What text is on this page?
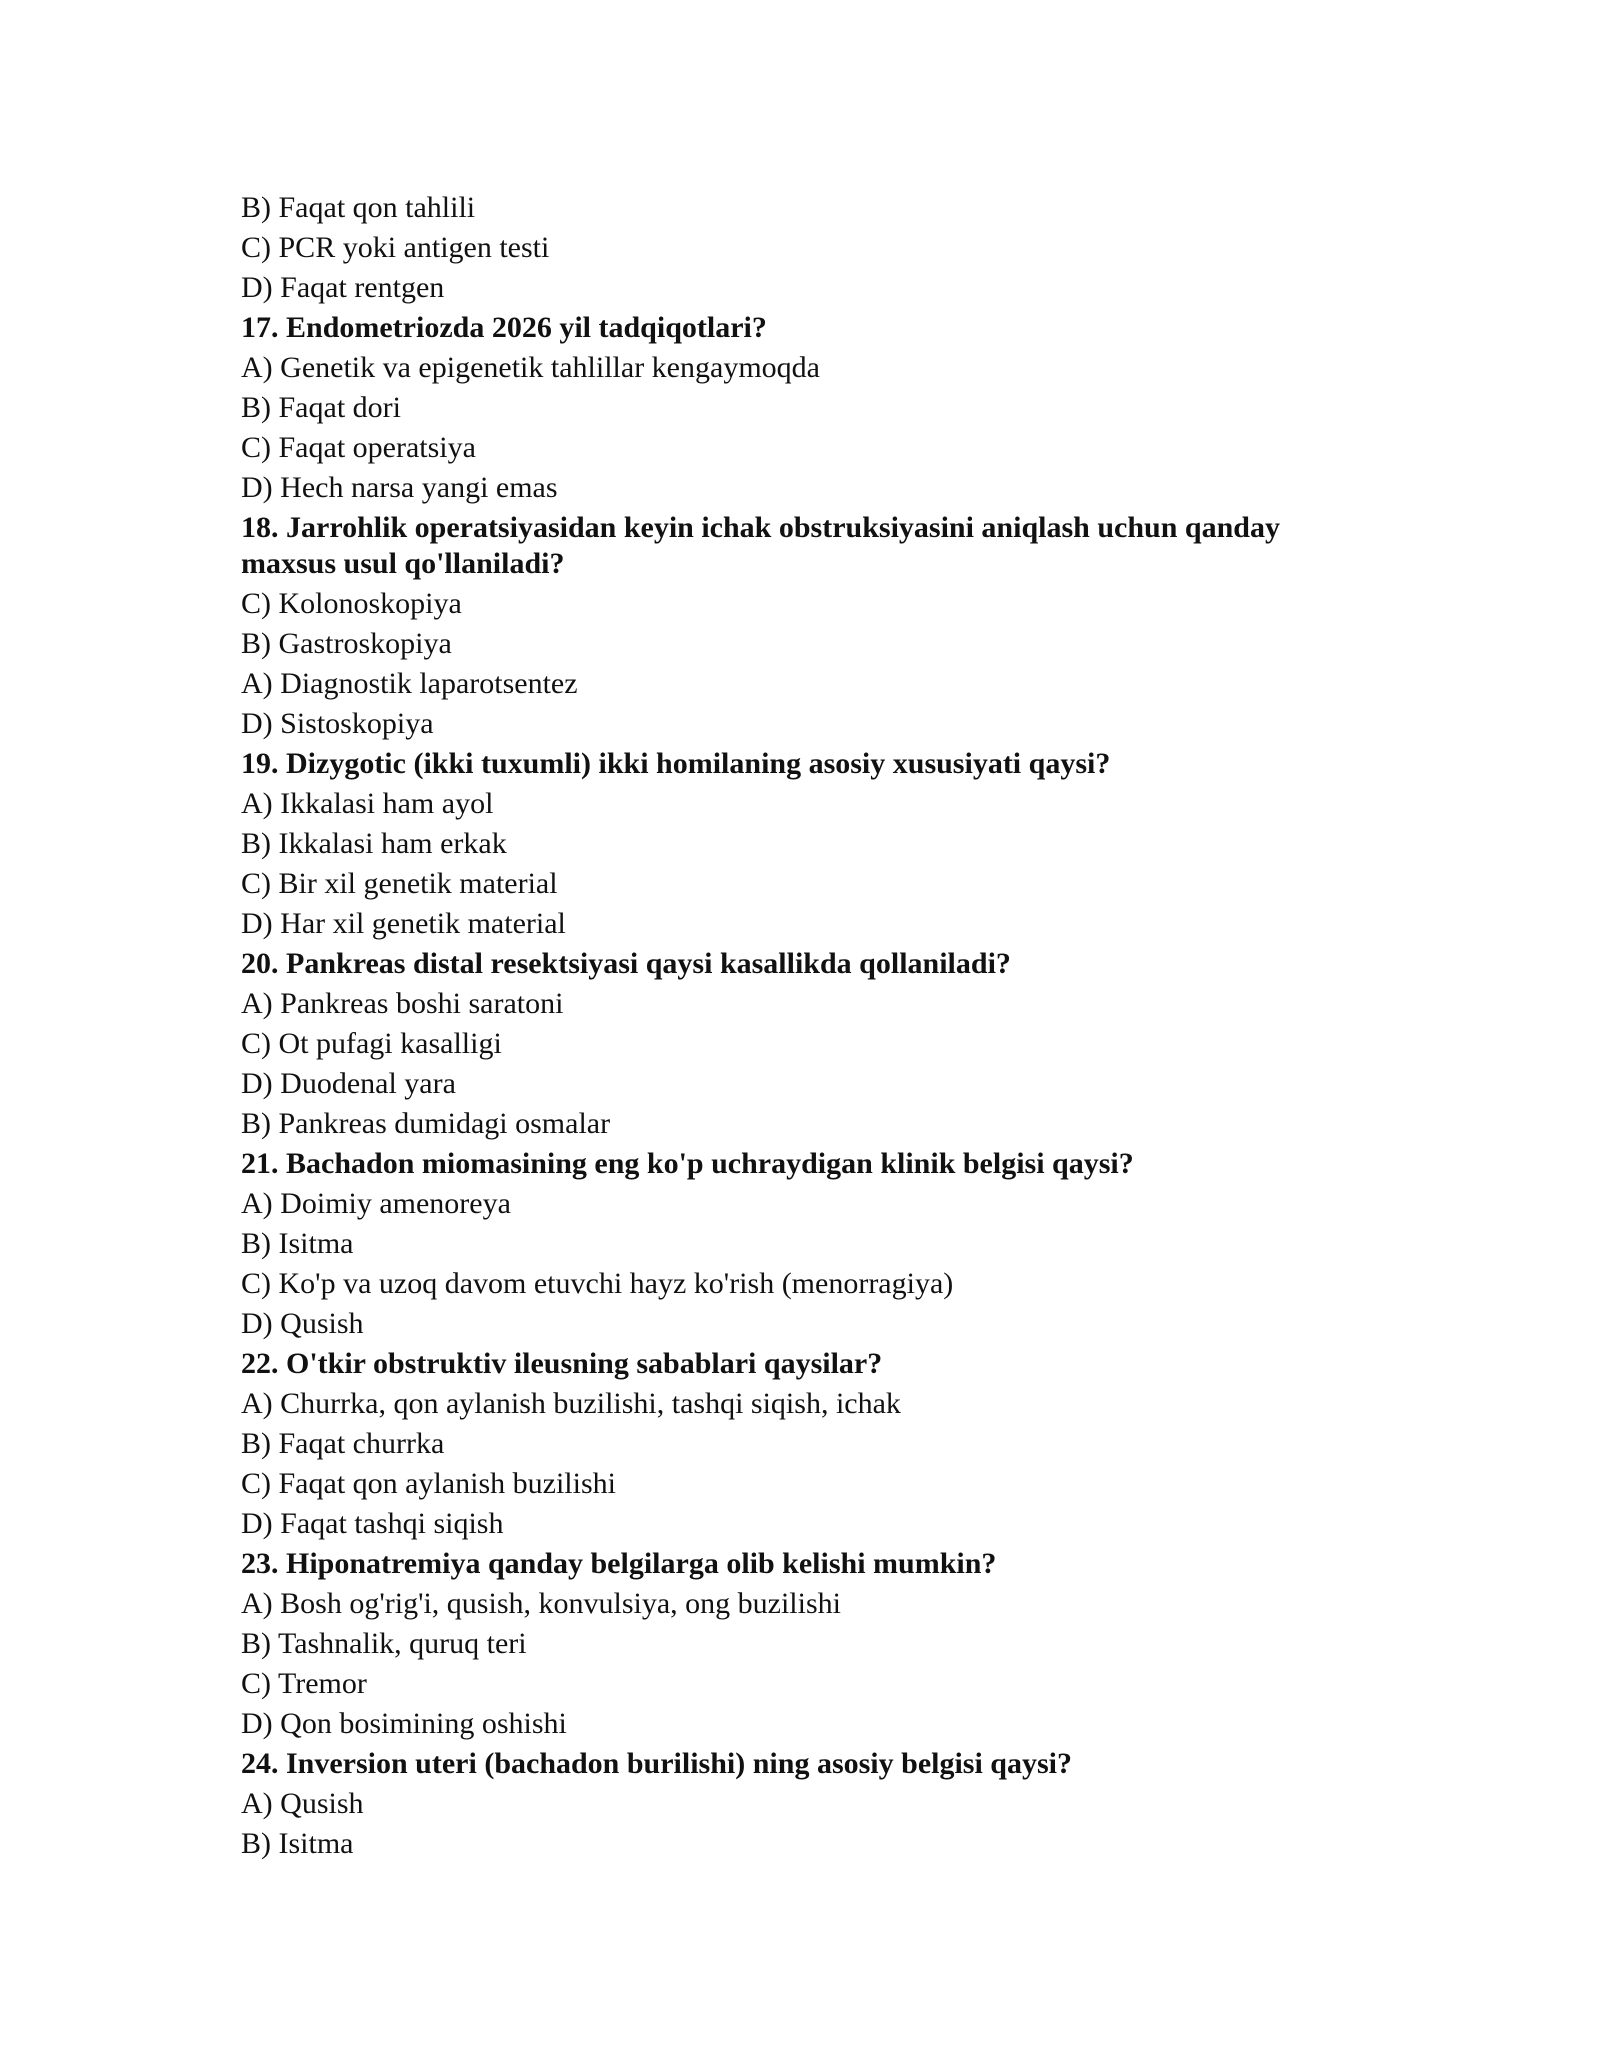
B) Faqat qon tahlili
C) PCR yoki antigen testi
D) Faqat rentgen
17. Endometriozda 2026 yil tadqiqotlari?
A) Genetik va epigenetik tahlillar kengaymoqda
B) Faqat dori
C) Faqat operatsiya
D) Hech narsa yangi emas
18. Jarrohlik operatsiyasidan keyin ichak obstruksiyasini aniqlash uchun qanday maxsus usul qo'llaniladi?
C) Kolonoskopiya
B) Gastroskopiya
A) Diagnostik laparotsentez
D) Sistoskopiya
19. Dizygotic (ikki tuxumli) ikki homilaning asosiy xususiyati qaysi?
A) Ikkalasi ham ayol
B) Ikkalasi ham erkak
C) Bir xil genetik material
D) Har xil genetik material
20. Pankreas distal resektsiyasi qaysi kasallikda qollaniladi?
A) Pankreas boshi saratoni
C) Ot pufagi kasalligi
D) Duodenal yara
B) Pankreas dumidagi osmalar
21. Bachadon miomasining eng ko'p uchraydigan klinik belgisi qaysi?
A) Doimiy amenoreya
B) Isitma
C) Ko'p va uzoq davom etuvchi hayz ko'rish (menorragiya)
D) Qusish
22. O'tkir obstruktiv ileusning sabablari qaysilar?
A) Churrka, qon aylanish buzilishi, tashqi siqish, ichak
B) Faqat churrka
C) Faqat qon aylanish buzilishi
D) Faqat tashqi siqish
23. Hiponatremiya qanday belgilarga olib kelishi mumkin?
A) Bosh og'rig'i, qusish, konvulsiya, ong buzilishi
B) Tashnalik, quruq teri
C) Tremor
D) Qon bosimining oshishi
24. Inversion uteri (bachadon burilishi) ning asosiy belgisi qaysi?
A) Qusish
B) Isitma
